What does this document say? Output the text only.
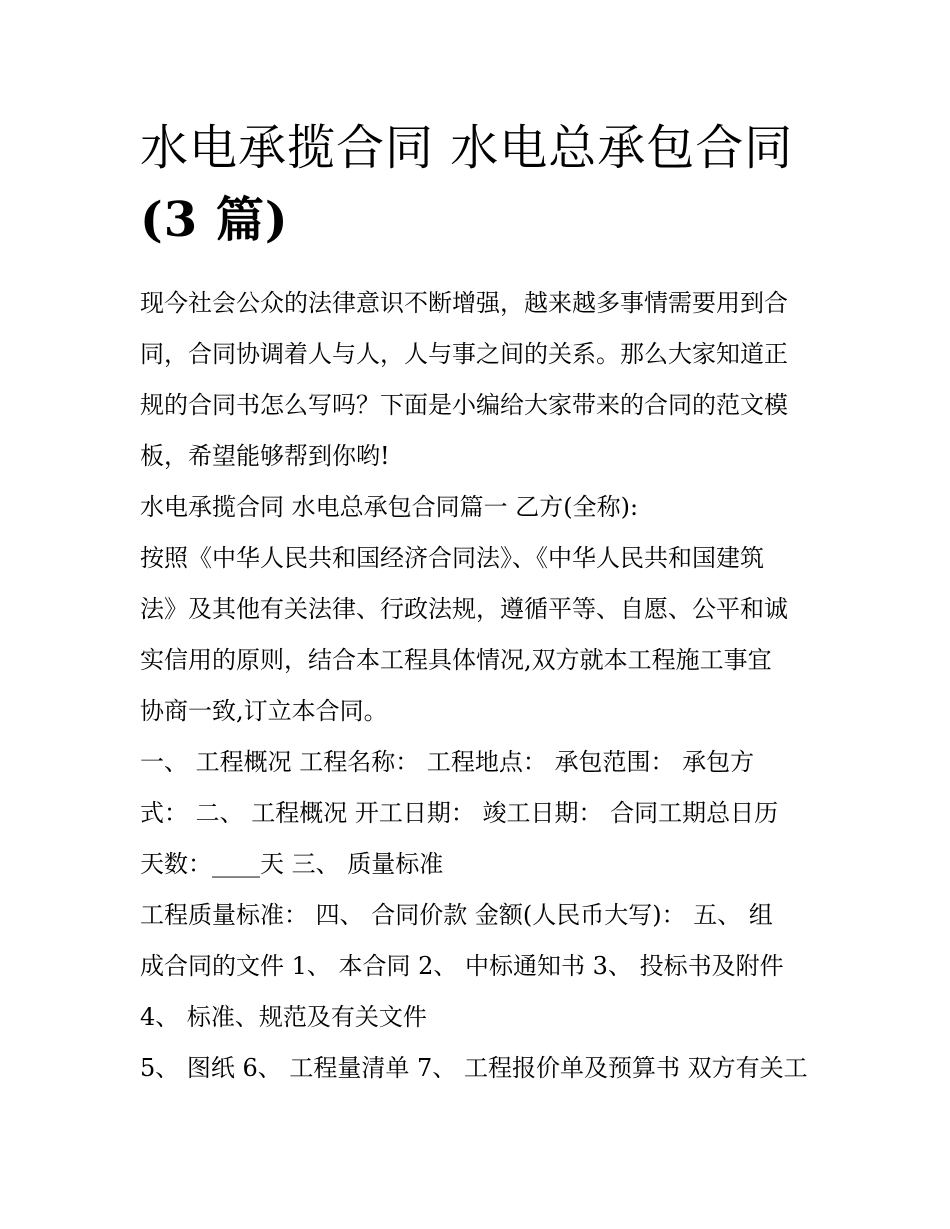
水电承揽合同 水电总承包合同
(3 篇)

现今社会公众的法律意识不断增强，越来越多事情需要用到合
同，合同协调着人与人，人与事之间的关系。那么大家知道正
规的合同书怎么写吗？下面是小编给大家带来的合同的范文模
板，希望能够帮到你哟!

水电承揽合同 水电总承包合同篇一 乙方(全称):

按照《中华人民共和国经济合同法》、《中华人民共和国建筑
法》及其他有关法律、行政法规，遵循平等、自愿、公平和诚
实信用的原则，结合本工程具体情况,双方就本工程施工事宜
协商一致,订立本合同。

一、 工程概况 工程名称： 工程地点： 承包范围： 承包方
式： 二、 工程概况 开工日期： 竣工日期： 合同工期总日历
天数：____天 三、 质量标准

工程质量标准： 四、 合同价款 金额(人民币大写)： 五、 组
成合同的文件 1、 本合同 2、 中标通知书 3、 投标书及附件
4、 标准、规范及有关文件

5、 图纸 6、 工程量清单 7、 工程报价单及预算书 双方有关工
